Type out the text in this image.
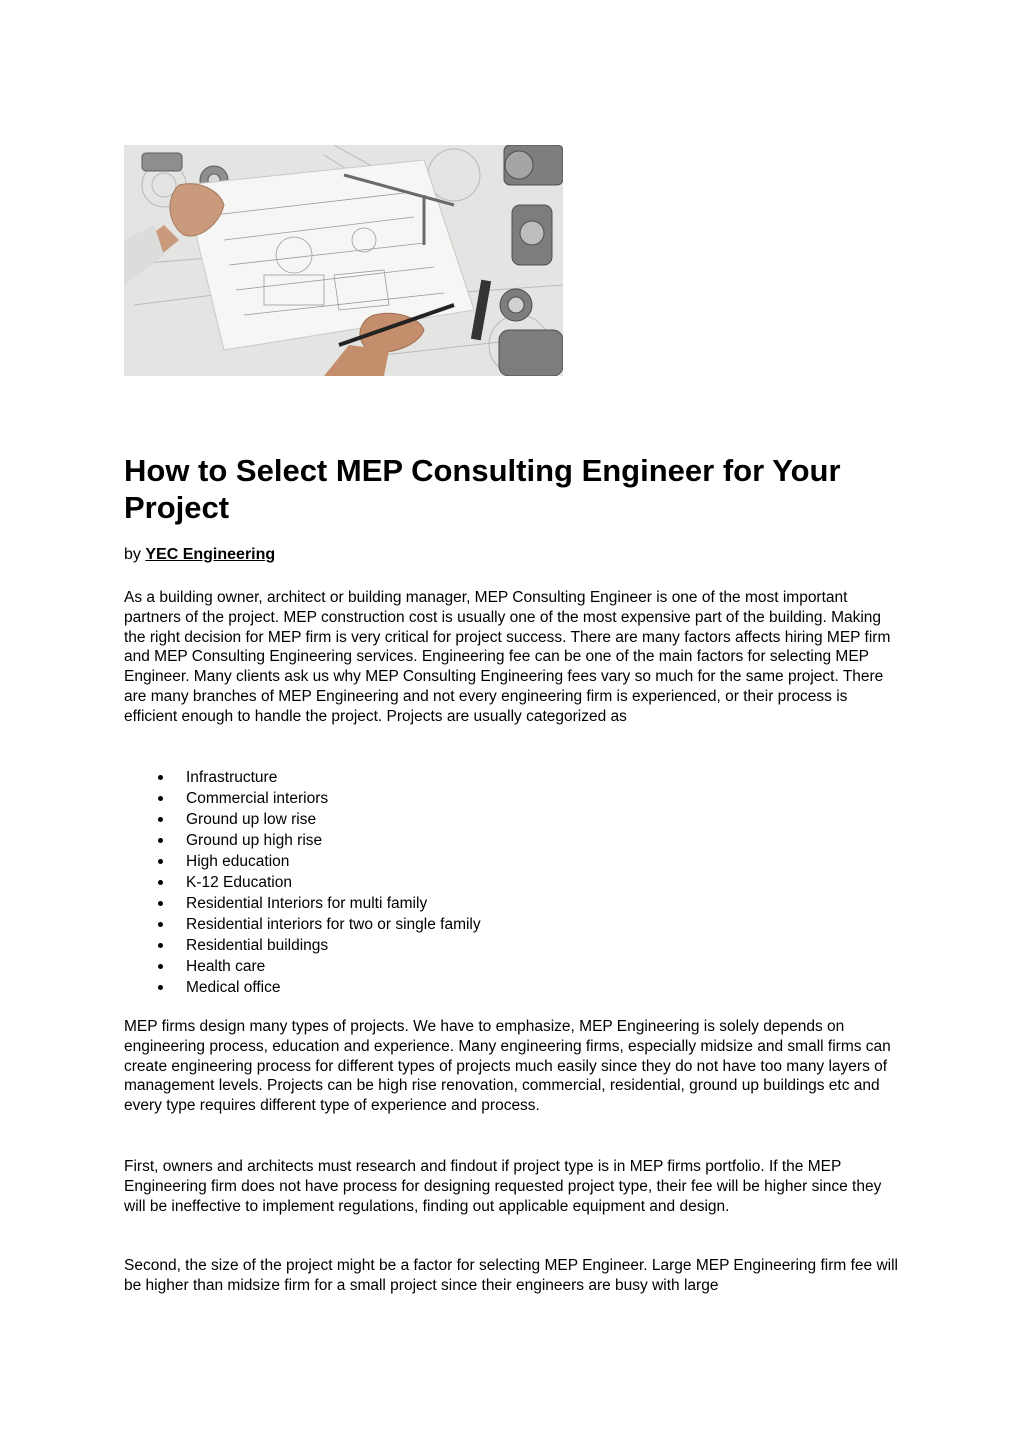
How to Select MEP Consulting Engineer for Your Project

by YEC Engineering

As a building owner, architect or building manager, MEP Consulting Engineer is one of the most important partners of the project. MEP construction cost is usually one of the most expensive part of the building. Making the right decision for MEP firm is very critical for project success. There are many factors affects hiring MEP firm and MEP Consulting Engineering services. Engineering fee can be one of the main factors for selecting MEP Engineer. Many clients ask us why MEP Consulting Engineering fees vary so much for the same project. There are many branches of MEP Engineering and not every engineering firm is experienced, or their process is efficient enough to handle the project. Projects are usually categorized as

Infrastructure
Commercial interiors
Ground up low rise
Ground up high rise
High education
K-12 Education
Residential Interiors for multi family
Residential interiors for two or single family
Residential buildings
Health care
Medical office

MEP firms design many types of projects. We have to emphasize, MEP Engineering is solely depends on engineering process, education and experience. Many engineering firms, especially midsize and small firms can create engineering process for different types of projects much easily since they do not have too many layers of management levels. Projects can be high rise renovation, commercial, residential, ground up buildings etc and every type requires different type of experience and process.

First, owners and architects must research and findout if project type is in MEP firms portfolio. If the MEP Engineering firm does not have process for designing requested project type, their fee will be higher since they will be ineffective to implement regulations, finding out applicable equipment and design.

Second, the size of the project might be a factor for selecting MEP Engineer. Large MEP Engineering firm fee will be higher than midsize firm for a small project since their engineers are busy with large
